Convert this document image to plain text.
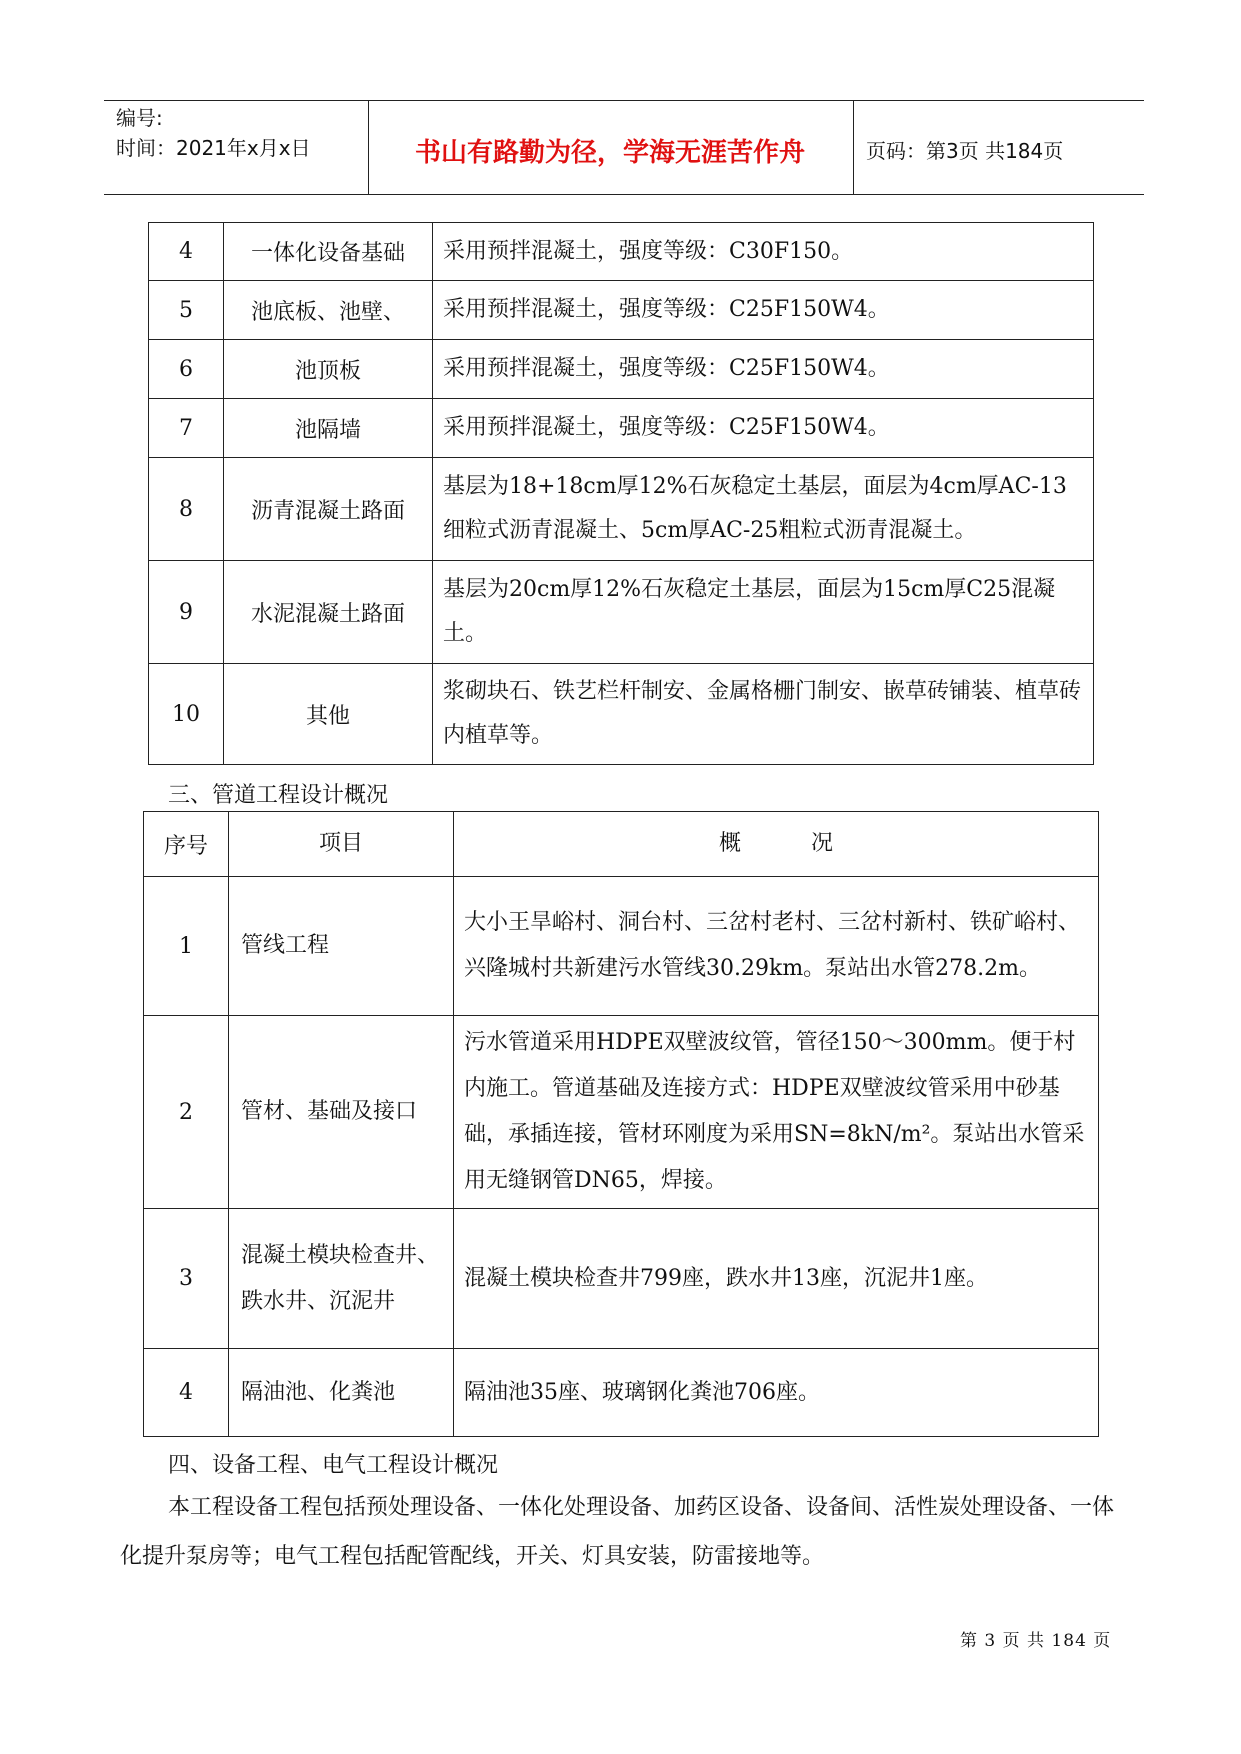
编号:
时间：2021年x月x日	书山有路勤为径，学海无涯苦作舟	页码：第3页 共184页
4	一体化设备基础	采用预拌混凝土，强度等级：C30F150。
5	池底板、池壁、	采用预拌混凝土，强度等级：C25F150W4。
6	池顶板	采用预拌混凝土，强度等级：C25F150W4。
7	池隔墙	采用预拌混凝土，强度等级：C25F150W4。
8	沥青混凝土路面	基层为18+18cm厚12%石灰稳定土基层，面层为4cm厚AC-13细粒式沥青混凝土、5cm厚AC-25粗粒式沥青混凝土。
9	水泥混凝土路面	基层为20cm厚12%石灰稳定土基层，面层为15cm厚C25混凝土。
10	其他	浆砌块石、铁艺栏杆制安、金属格栅门制安、嵌草砖铺装、植草砖内植草等。
三、管道工程设计概况
序号	项目	概          况
1	管线工程	大小王旱峪村、洞台村、三岔村老村、三岔村新村、铁矿峪村、兴隆城村共新建污水管线30.29km。泵站出水管278.2m。
2	管材、基础及接口	污水管道采用HDPE双壁波纹管，管径150～300mm。便于村内施工。管道基础及连接方式：HDPE双壁波纹管采用中砂基础，承插连接，管材环刚度为采用SN=8kN/m²。泵站出水管采用无缝钢管DN65，焊接。
3	混凝土模块检查井、跌水井、沉泥井	混凝土模块检查井799座，跌水井13座，沉泥井1座。
4	隔油池、化粪池	隔油池35座、玻璃钢化粪池706座。
四、设备工程、电气工程设计概况
本工程设备工程包括预处理设备、一体化处理设备、加药区设备、设备间、活性炭处理设备、一体化提升泵房等；电气工程包括配管配线，开关、灯具安装，防雷接地等。
第 3 页 共 184 页
